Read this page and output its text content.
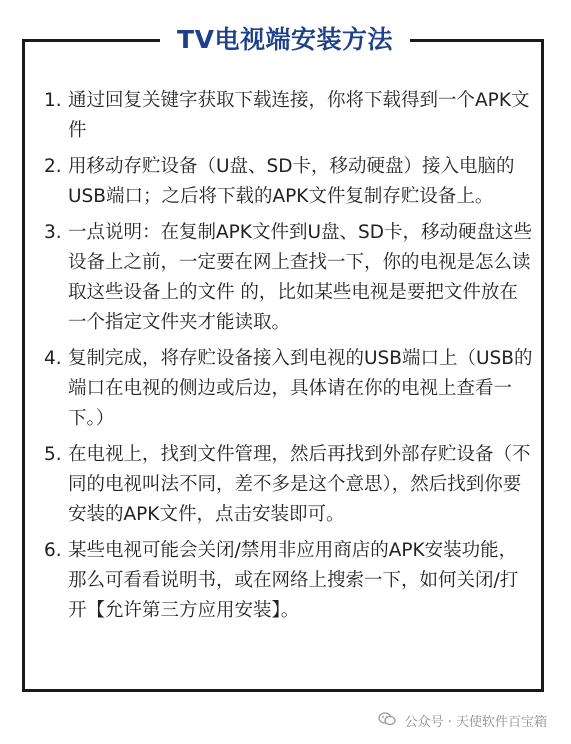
TV电视端安装方法
1. 通过回复关键字获取下载连接，你将下载得到一个APK文件
2. 用移动存贮设备（U盘、SD卡，移动硬盘）接入电脑的USB端口；之后将下载的APK文件复制存贮设备上。
3. 一点说明：在复制APK文件到U盘、SD卡，移动硬盘这些设备上之前，一定要在网上查找一下，你的电视是怎么读取这些设备上的文件 的，比如某些电视是要把文件放在一个指定文件夹才能读取。
4. 复制完成，将存贮设备接入到电视的USB端口上（USB的端口在电视的侧边或后边，具体请在你的电视上查看一下。）
5. 在电视上，找到文件管理，然后再找到外部存贮设备（不同的电视叫法不同，差不多是这个意思），然后找到你要安装的APK文件，点击安装即可。
6. 某些电视可能会关闭/禁用非应用商店的APK安装功能，那么可看看说明书，或在网络上搜索一下，如何关闭/打开【允许第三方应用安装】。
公众号 · 天使软件百宝箱
